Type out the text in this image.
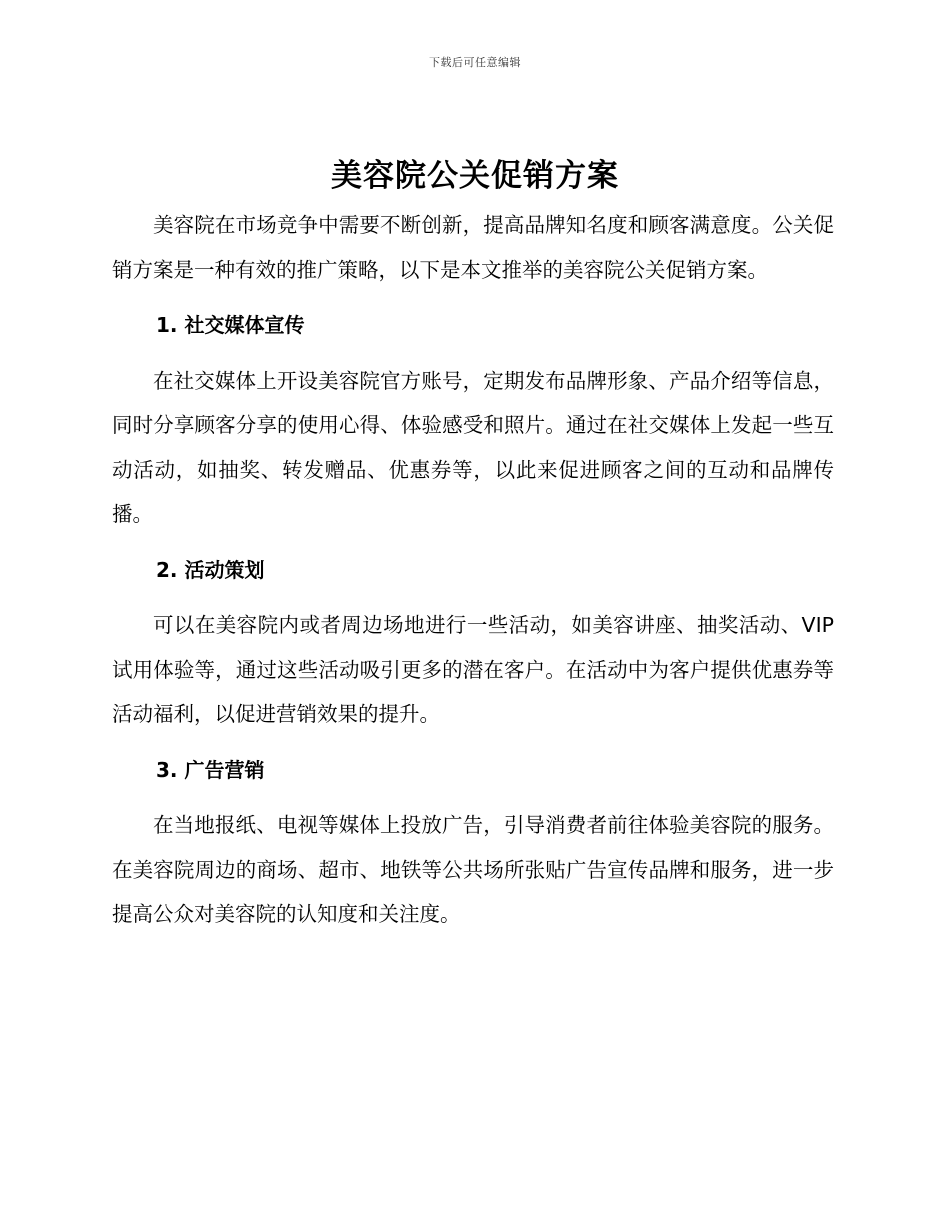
下载后可任意编辑
美容院公关促销方案

美容院在市场竞争中需要不断创新，提高品牌知名度和顾客满意度。公关促销方案是一种有效的推广策略，以下是本文推举的美容院公关促销方案。

1. 社交媒体宣传

在社交媒体上开设美容院官方账号，定期发布品牌形象、产品介绍等信息，同时分享顾客分享的使用心得、体验感受和照片。通过在社交媒体上发起一些互动活动，如抽奖、转发赠品、优惠券等，以此来促进顾客之间的互动和品牌传播。

2. 活动策划

可以在美容院内或者周边场地进行一些活动，如美容讲座、抽奖活动、VIP 试用体验等，通过这些活动吸引更多的潜在客户。在活动中为客户提供优惠券等活动福利，以促进营销效果的提升。

3. 广告营销

在当地报纸、电视等媒体上投放广告，引导消费者前往体验美容院的服务。在美容院周边的商场、超市、地铁等公共场所张贴广告宣传品牌和服务，进一步提高公众对美容院的认知度和关注度。
